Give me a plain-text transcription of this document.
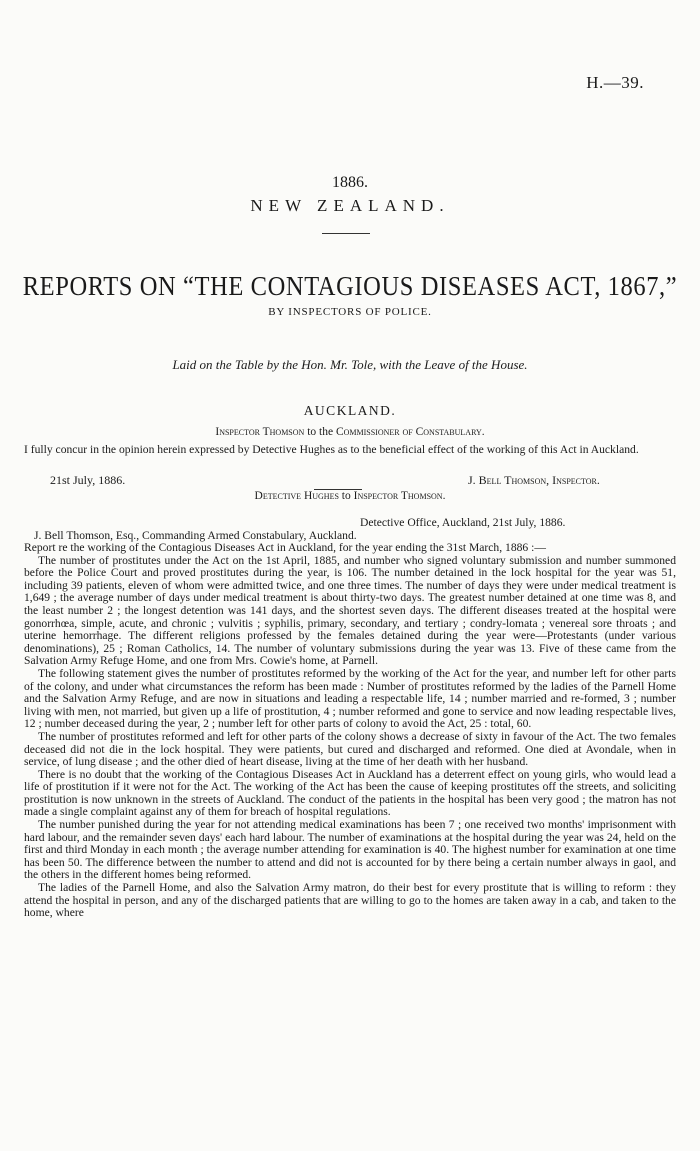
H.—39.
1886.
NEW ZEALAND.
REPORTS ON “THE CONTAGIOUS DISEASES ACT, 1867,”
BY INSPECTORS OF POLICE.
Laid on the Table by the Hon. Mr. Tole, with the Leave of the House.
AUCKLAND.
Inspector Thomson to the Commissioner of Constabulary.
I fully concur in the opinion herein expressed by Detective Hughes as to the beneficial effect of the working of this Act in Auckland.
21st July, 1886.	J. Bell Thomson, Inspector.
Detective Hughes to Inspector Thomson.
Detective Office, Auckland, 21st July, 1886.
J. Bell Thomson, Esq., Commanding Armed Constabulary, Auckland.

Report re the working of the Contagious Diseases Act in Auckland, for the year ending the 31st March, 1886 :—

The number of prostitutes under the Act on the 1st April, 1885, and number who signed voluntary submission and number summoned before the Police Court and proved prostitutes during the year, is 106. The number detained in the lock hospital for the year was 51, including 39 patients, eleven of whom were admitted twice, and one three times. The number of days they were under medical treatment is 1,649 ; the average number of days under medical treatment is about thirty-two days. The greatest number detained at one time was 8, and the least number 2 ; the longest detention was 141 days, and the shortest seven days. The different diseases treated at the hospital were gonorrhœa, simple, acute, and chronic ; vulvitis ; syphilis, primary, secondary, and tertiary ; condry-lomata ; venereal sore throats ; and uterine hemorrhage. The different religions professed by the females detained during the year were—Protestants (under various denominations), 25 ; Roman Catholics, 14. The number of voluntary submissions during the year was 13. Five of these came from the Salvation Army Refuge Home, and one from Mrs. Cowie's home, at Parnell.

The following statement gives the number of prostitutes reformed by the working of the Act for the year, and number left for other parts of the colony, and under what circumstances the reform has been made : Number of prostitutes reformed by the ladies of the Parnell Home and the Salvation Army Refuge, and are now in situations and leading a respectable life, 14 ; number married and re-formed, 3 ; number living with men, not married, but given up a life of prostitution, 4 ; number reformed and gone to service and now leading respectable lives, 12 ; number deceased during the year, 2 ; number left for other parts of colony to avoid the Act, 25 : total, 60.

The number of prostitutes reformed and left for other parts of the colony shows a decrease of sixty in favour of the Act. The two females deceased did not die in the lock hospital. They were patients, but cured and discharged and reformed. One died at Avondale, when in service, of lung disease ; and the other died of heart disease, living at the time of her death with her husband.

There is no doubt that the working of the Contagious Diseases Act in Auckland has a deterrent effect on young girls, who would lead a life of prostitution if it were not for the Act. The working of the Act has been the cause of keeping prostitutes off the streets, and soliciting prostitution is now unknown in the streets of Auckland. The conduct of the patients in the hospital has been very good ; the matron has not made a single complaint against any of them for breach of hospital regulations.

The number punished during the year for not attending medical examinations has been 7 ; one received two months' imprisonment with hard labour, and the remainder seven days' each hard labour. The number of examinations at the hospital during the year was 24, held on the first and third Monday in each month ; the average number attending for examination is 40. The highest number for examination at one time has been 50. The difference between the number to attend and did not is accounted for by there being a certain number always in gaol, and the others in the different homes being reformed.

The ladies of the Parnell Home, and also the Salvation Army matron, do their best for every prostitute that is willing to reform : they attend the hospital in person, and any of the discharged patients that are willing to go to the homes are taken away in a cab, and taken to the home, where
